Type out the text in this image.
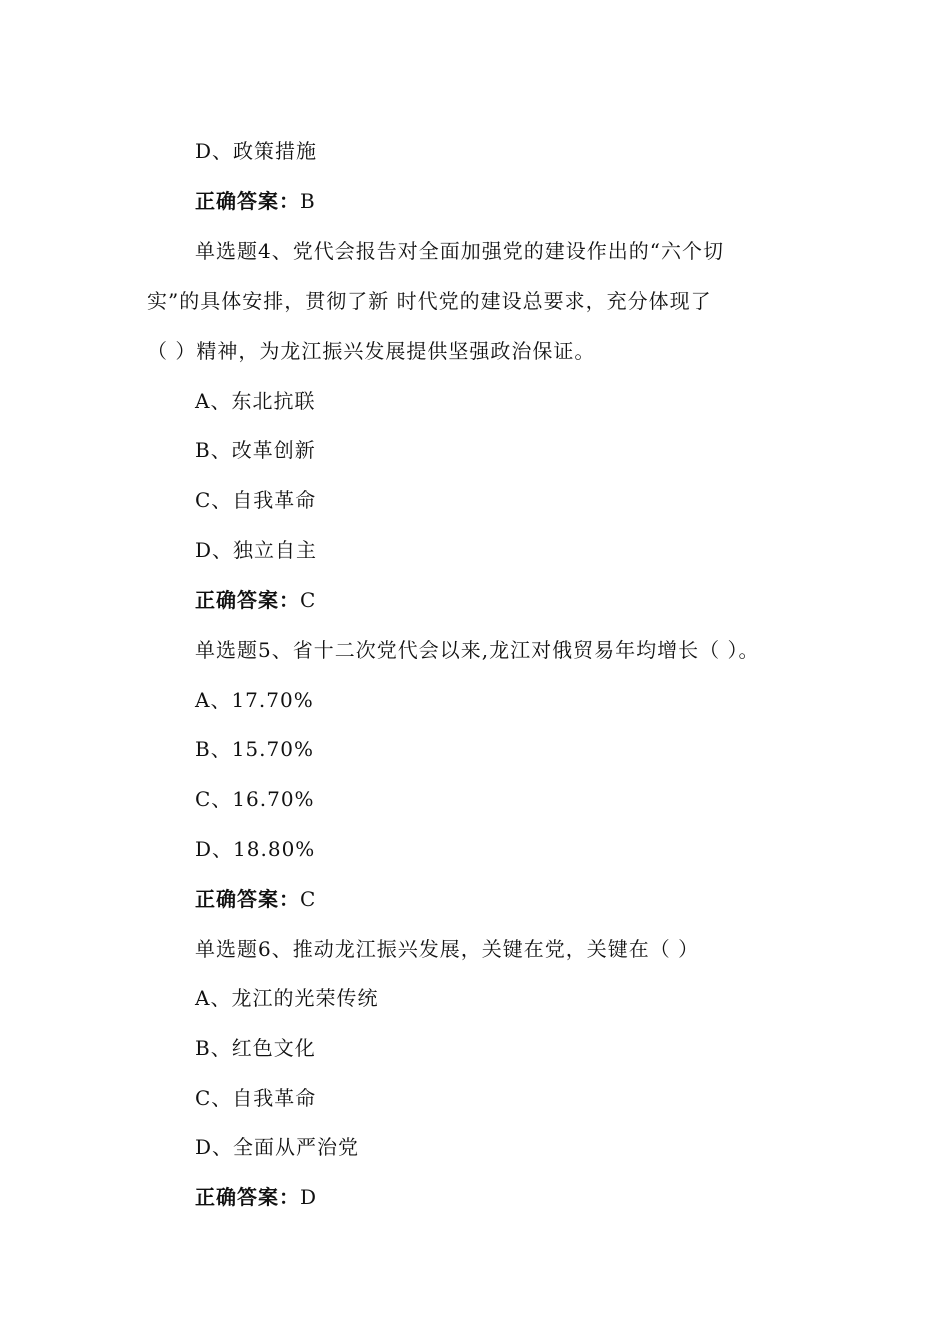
D、政策措施
正确答案：B
单选题4、党代会报告对全面加强党的建设作出的“六个切
实”的具体安排，贯彻了新 时代党的建设总要求，充分体现了
（ ）精神，为龙江振兴发展提供坚强政治保证。
A、东北抗联
B、改革创新
C、自我革命
D、独立自主
正确答案：C
单选题5、省十二次党代会以来,龙江对俄贸易年均增长（ ）。
A、17.70%
B、15.70%
C、16.70%
D、18.80%
正确答案：C
单选题6、推动龙江振兴发展，关键在党，关键在（ ）
A、龙江的光荣传统
B、红色文化
C、自我革命
D、全面从严治党
正确答案：D
